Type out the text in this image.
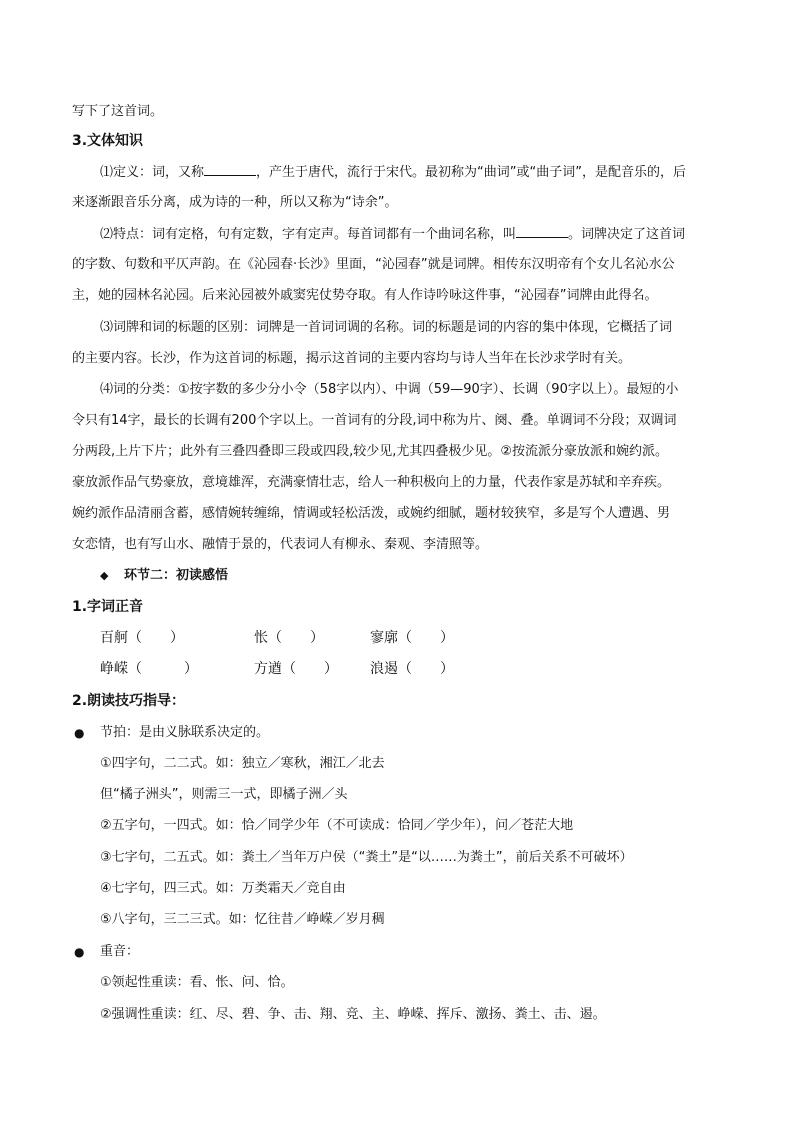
写下了这首词。
3.文体知识
⑴定义：词，又称	，产生于唐代，流行于宋代。最初称为“曲词”或“曲子词”，是配音乐的，后
来逐渐跟音乐分离，成为诗的一种，所以又称为“诗余”。
⑵特点：词有定格，句有定数，字有定声。每首词都有一个曲词名称，叫	。词牌决定了这首词
的字数、句数和平仄声韵。在《沁园春·长沙》里面，“沁园春”就是词牌。相传东汉明帝有个女儿名沁水公
主，她的园林名沁园。后来沁园被外戚窦宪仗势夺取。有人作诗吟咏这件事，“沁园春”词牌由此得名。
⑶词牌和词的标题的区别：词牌是一首词词调的名称。词的标题是词的内容的集中体现，它概括了词
的主要内容。长沙，作为这首词的标题，揭示这首词的主要内容均与诗人当年在长沙求学时有关。
⑷词的分类：①按字数的多少分小令（58字以内）、中调（59—90字）、长调（90字以上）。最短的小
令只有14字，最长的长调有200个字以上。一首词有的分段,词中称为片、阕、叠。单调词不分段；双调词
分两段,上片下片；此外有三叠四叠即三段或四段,较少见,尤其四叠极少见。②按流派分豪放派和婉约派。
豪放派作品气势豪放，意境雄浑，充满豪情壮志，给人一种积极向上的力量，代表作家是苏轼和辛弃疾。
婉约派作品清丽含蓄，感情婉转缠绵，情调或轻松活泼，或婉约细腻，题材较狭窄，多是写个人遭遇、男
女恋情，也有写山水、融情于景的，代表词人有柳永、秦观、李清照等。
◆ 环节二：初读感悟
1.字词正音
百舸（　　）	怅（　　）	寥廓（　　）
峥嵘（　　　）	方遒（　　） 浪遏（　　）
2.朗读技巧指导：
● 节拍：是由义脉联系决定的。
①四字句，二二式。如：独立／寒秋，湘江／北去
但“橘子洲头”，则需三一式，即橘子洲／头
②五字句，一四式。如：恰／同学少年（不可读成：恰同／学少年），问／苍茫大地
③七字句，二五式。如：粪土／当年万户侯（“粪土”是“以……为粪土”，前后关系不可破坏）
④七字句，四三式。如：万类霜天／竞自由
⑤八字句，三二三式。如：忆往昔／峥嵘／岁月稠
● 重音：
①领起性重读：看、怅、问、恰。
②强调性重读：红、尽、碧、争、击、翔、竞、主、峥嵘、挥斥、激扬、粪土、击、遏。
